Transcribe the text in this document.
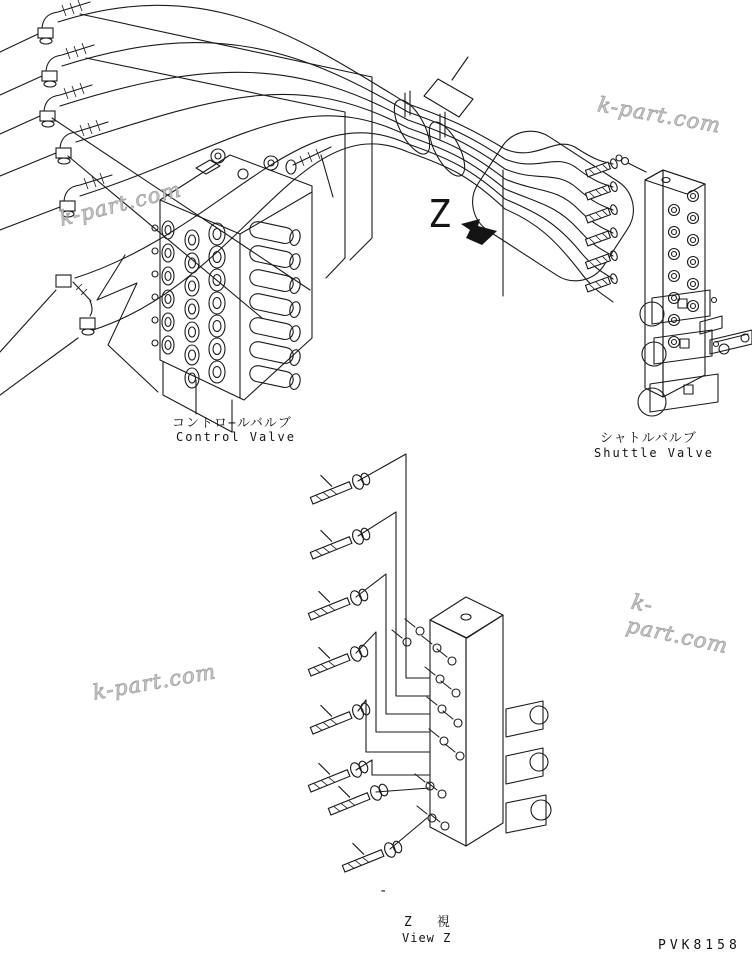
Z
コントロ−ルバルブ
Control Valve	シャトルバルブ
Shuttle Valve
Z　視
View Z
-
PVK8158
k-part.com
k-part.com
k-part.com
k-part.com
